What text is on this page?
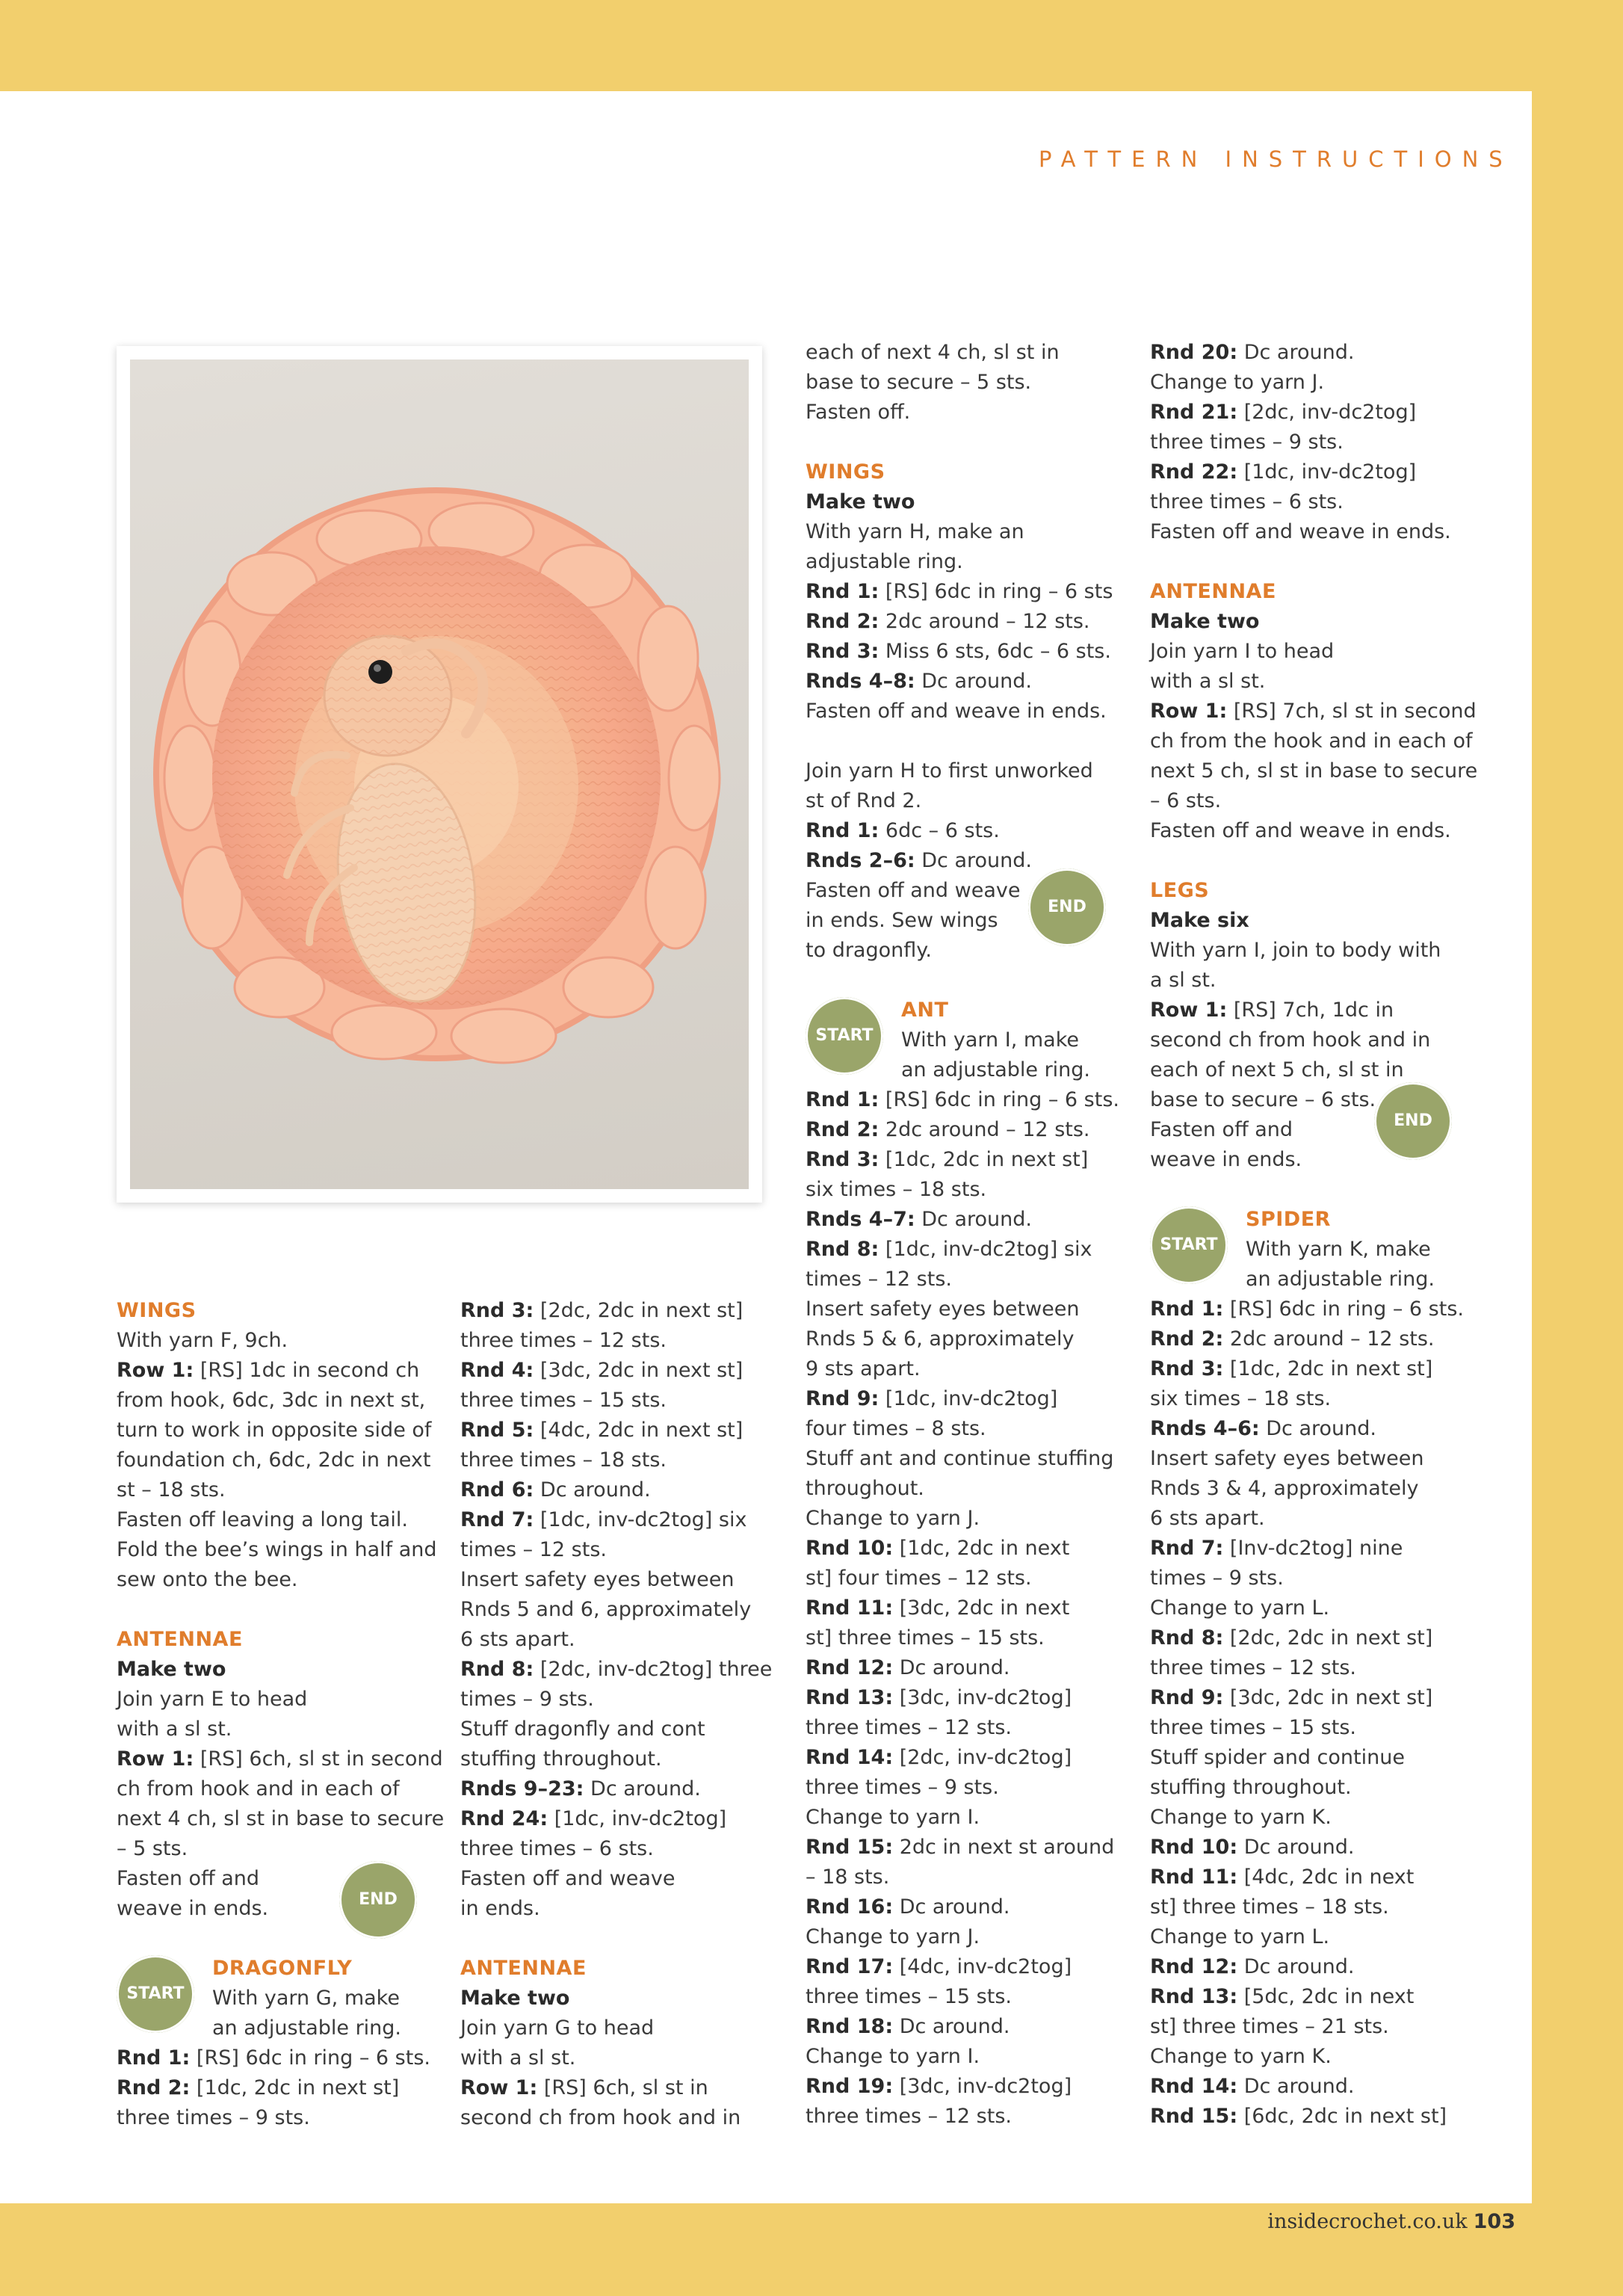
PATTERN INSTRUCTIONS

WINGS

With yarn F, 9ch.

Row 1: [RS] 1dc in second ch from hook, 6dc, 3dc in next st, turn to work in opposite side of foundation ch, 6dc, 2dc in next st – 18 sts.

Fasten off leaving a long tail. Fold the bee’s wings in half and sew onto the bee.

ANTENNAE

Make two

Join yarn E to head with a sl st.

Row 1: [RS] 6ch, sl st in second ch from hook and in each of next 4 ch, sl st in base to secure – 5 sts.

Fasten off and weave in ends.	END
START

DRAGONFLY

With yarn G, make an adjustable ring.

Rnd 1: [RS] 6dc in ring – 6 sts.

Rnd 2: [1dc, 2dc in next st] three times – 9 sts.

Rnd 3: [2dc, 2dc in next st] three times – 12 sts.

Rnd 4: [3dc, 2dc in next st] three times – 15 sts.

Rnd 5: [4dc, 2dc in next st] three times – 18 sts.

Rnd 6: Dc around.

Rnd 7: [1dc, inv-dc2tog] six times – 12 sts.

Insert safety eyes between Rnds 5 and 6, approximately 6 sts apart.

Rnd 8: [2dc, inv-dc2tog] three times – 9 sts.

Stuff dragonfly and cont stuffing throughout.

Rnds 9–23: Dc around.

Rnd 24: [1dc, inv-dc2tog] three times – 6 sts.

Fasten off and weave in ends.

ANTENNAE

Make two

Join yarn G to head with a sl st.

Row 1: [RS] 6ch, sl st in second ch from hook and in

each of next 4 ch, sl st in base to secure – 5 sts.

Fasten off.

WINGS

Make two

With yarn H, make an adjustable ring.

Rnd 1: [RS] 6dc in ring – 6 sts

Rnd 2: 2dc around – 12 sts.

Rnd 3: Miss 6 sts, 6dc – 6 sts.

Rnds 4–8: Dc around.

Fasten off and weave in ends.

Join yarn H to first unworked st of Rnd 2.

Rnd 1: 6dc – 6 sts.

Rnds 2–6: Dc around.

Fasten off and weave in ends. Sew wings to dragonfly.

END
START

ANT

With yarn I, make an adjustable ring.

Rnd 1: [RS] 6dc in ring – 6 sts.

Rnd 2: 2dc around – 12 sts.

Rnd 3: [1dc, 2dc in next st] six times – 18 sts.

Rnds 4–7: Dc around.

Rnd 8: [1dc, inv-dc2tog] six times – 12 sts.

Insert safety eyes between Rnds 5 & 6, approximately 9 sts apart.

Rnd 9: [1dc, inv-dc2tog] four times – 8 sts.

Stuff ant and continue stuffing throughout.

Change to yarn J.

Rnd 10: [1dc, 2dc in next st] four times – 12 sts.

Rnd 11: [3dc, 2dc in next st] three times – 15 sts.

Rnd 12: Dc around.

Rnd 13: [3dc, inv-dc2tog] three times – 12 sts.

Rnd 14: [2dc, inv-dc2tog] three times – 9 sts.

Change to yarn I.

Rnd 15: 2dc in next st around – 18 sts.

Rnd 16: Dc around.

Change to yarn J.

Rnd 17: [4dc, inv-dc2tog] three times – 15 sts.

Rnd 18: Dc around.

Change to yarn I.

Rnd 19: [3dc, inv-dc2tog] three times – 12 sts.

Rnd 20: Dc around.

Change to yarn J.

Rnd 21: [2dc, inv-dc2tog] three times – 9 sts.

Rnd 22: [1dc, inv-dc2tog] three times – 6 sts.

Fasten off and weave in ends.

ANTENNAE

Make two

Join yarn I to head with a sl st.

Row 1: [RS] 7ch, sl st in second ch from the hook and in each of next 5 ch, sl st in base to secure – 6 sts.

Fasten off and weave in ends.

LEGS

Make six

With yarn I, join to body with a sl st.

Row 1: [RS] 7ch, 1dc in second ch from hook and in each of next 5 ch, sl st in base to secure – 6 sts.

Fasten off and weave in ends.

END
START

SPIDER

With yarn K, make an adjustable ring.

Rnd 1: [RS] 6dc in ring – 6 sts.

Rnd 2: 2dc around – 12 sts.

Rnd 3: [1dc, 2dc in next st] six times – 18 sts.

Rnds 4–6: Dc around.

Insert safety eyes between Rnds 3 & 4, approximately 6 sts apart.

Rnd 7: [Inv-dc2tog] nine times – 9 sts.

Change to yarn L.

Rnd 8: [2dc, 2dc in next st] three times – 12 sts.

Rnd 9: [3dc, 2dc in next st] three times – 15 sts.

Stuff spider and continue stuffing throughout.

Change to yarn K.

Rnd 10: Dc around.

Rnd 11: [4dc, 2dc in next st] three times – 18 sts.

Change to yarn L.

Rnd 12: Dc around.

Rnd 13: [5dc, 2dc in next st] three times – 21 sts.

Change to yarn K.

Rnd 14: Dc around.

Rnd 15: [6dc, 2dc in next st]

insidecrochet.co.uk 103
